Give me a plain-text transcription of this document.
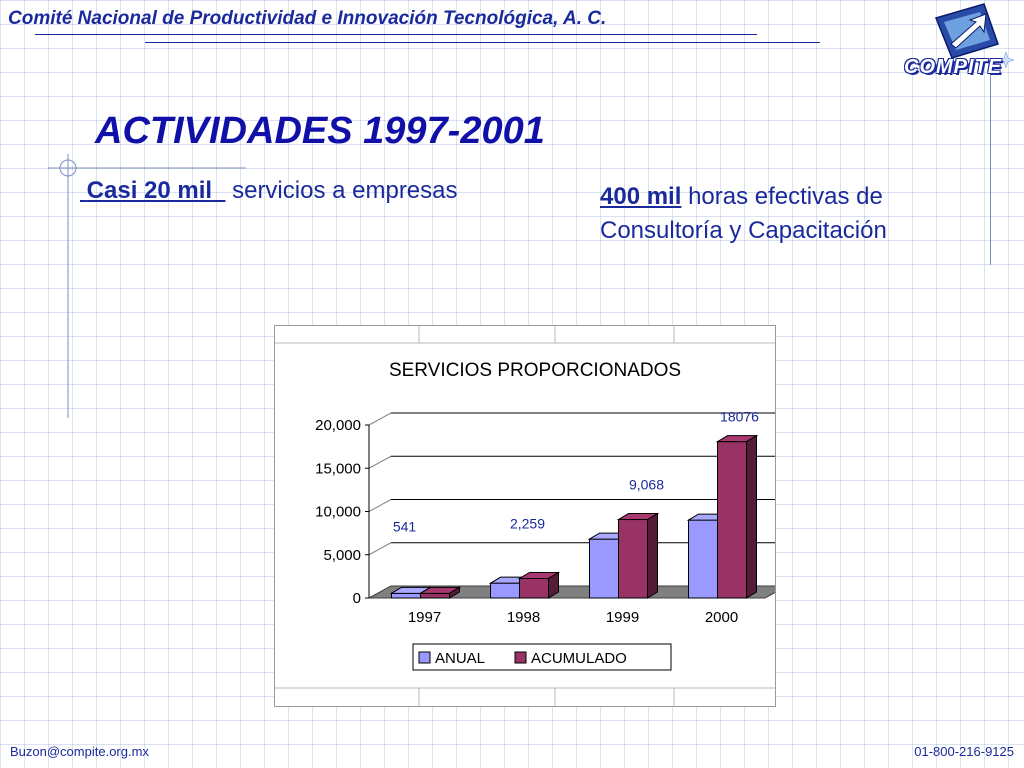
Comité Nacional de Productividad e Innovación Tecnológica, A. C.
COMPITE
ACTIVIDADES 1997-2001
Casi 20 mil servicios a empresas	400 mil horas efectivas de Consultoría y Capacitación
SERVICIOS PROPORCIONADOS
0
5,000
10,000
15,000
20,000
1997	1998	1999	2000
541	2,259
9,068
18076
ANUAL	ACUMULADO
Buzon@compite.org.mx	01-800-216-9125
